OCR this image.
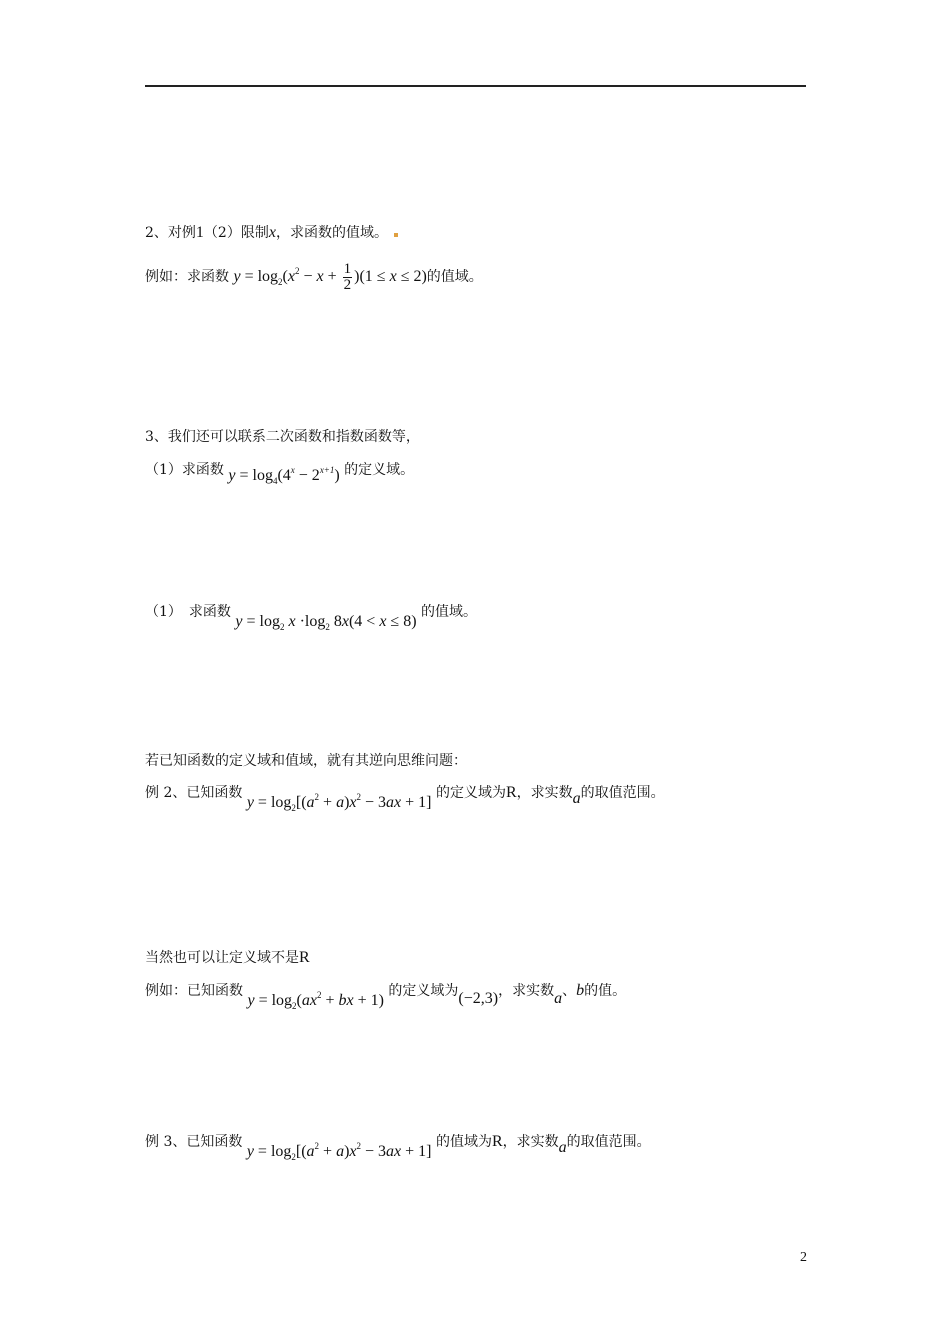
2、对例1（2）限制x，求函数的值域。
例如：求函数 $y = \log_2(x^2 - x + \frac{1}{2} )(1 \le x \le 2)$的值域。
3、我们还可以联系二次函数和指数函数等，
（1）求函数 $y = \log_4(4^x - 2^{x+1})$ 的定义域。
（1）　求函数 $y = \log_2 x \cdot\log_2$ 8x(4 < x ≤ 8) 的值域。
若已知函数的定义域和值域，就有其逆向思维问题：
例 2、已知函数 $y = \log_2[(a^2 + a)x^2 - 3ax + 1]$ 的定义域为R，求实数a的取值范围。
当然也可以让定义域不是R
例如：已知函数 $y = \log_2(ax^2$ + bx + 1) 的定义域为(−2,3)，求实数a、b的值。
例 3、已知函数 $y = \log_2[(a^2 + a)x^2 - 3ax + 1]$ 的值域为R，求实数a的取值范围。
2
